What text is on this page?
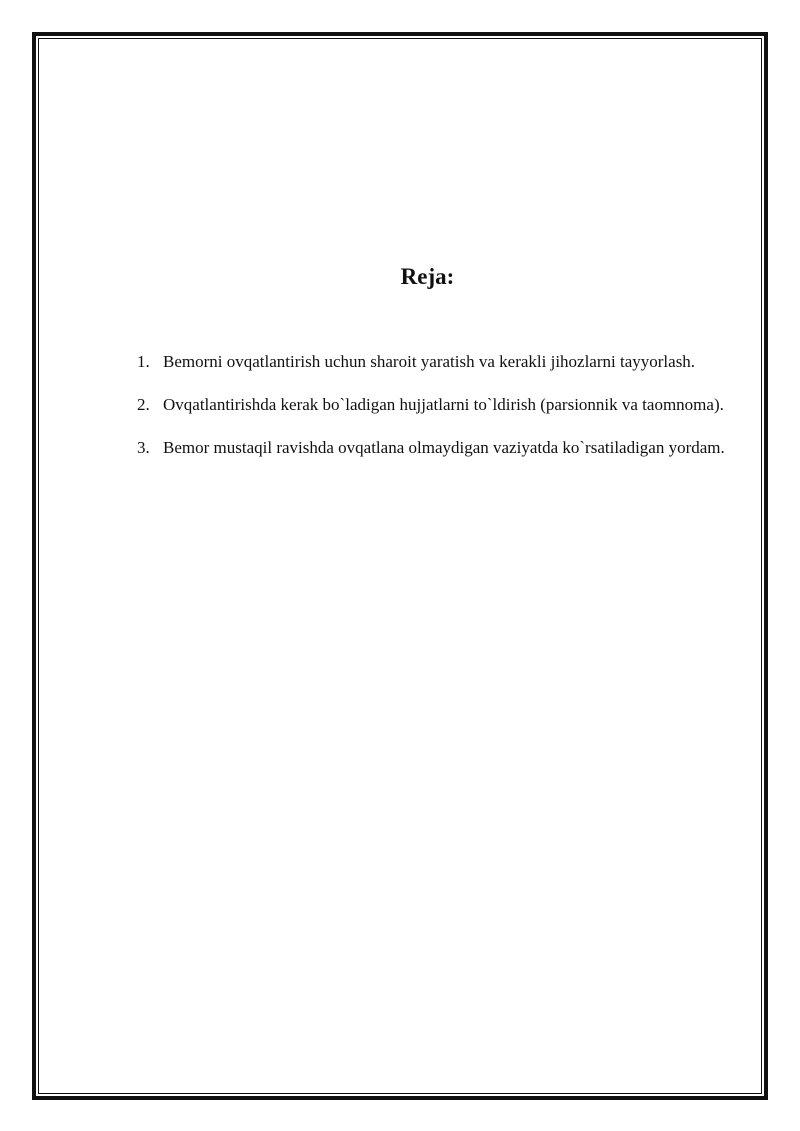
Reja:
1. Bemorni ovqatlantirish uchun sharoit yaratish va kerakli jihozlarni tayyorlash.
2. Ovqatlantirishda kerak bo`ladigan hujjatlarni to`ldirish (parsionnik va taomnoma).
3. Bemor mustaqil ravishda ovqatlana olmaydigan vaziyatda ko`rsatiladigan yordam.
